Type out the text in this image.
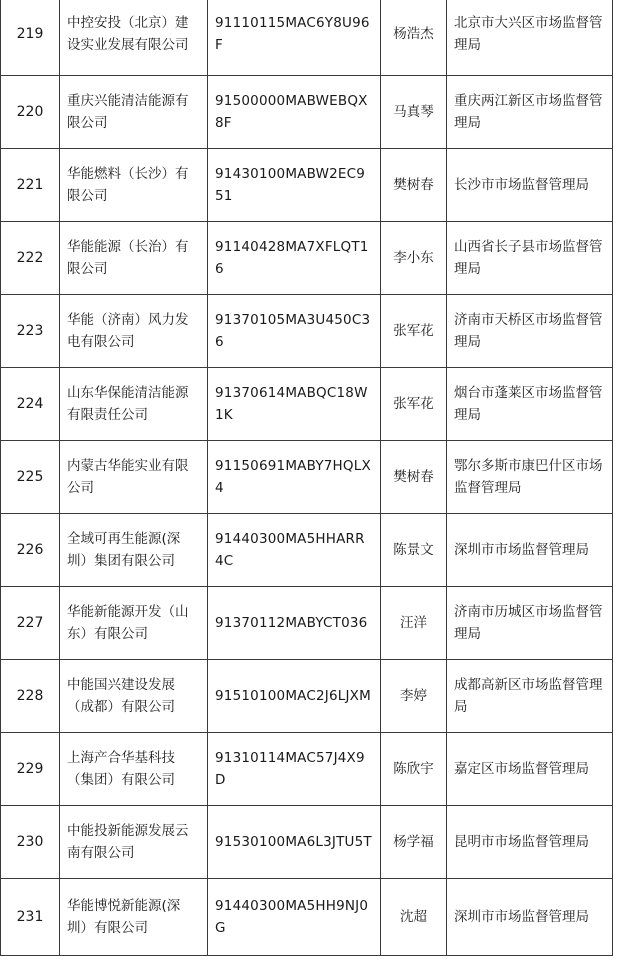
219	中控安投（北京）建设实业发展有限公司	91110115MAC6Y8U96F	杨浩杰	北京市大兴区市场监督管理局
220	重庆兴能清洁能源有限公司	91500000MABWEBQX8F	马真琴	重庆两江新区市场监督管理局
221	华能燃料（长沙）有限公司	91430100MABW2EC951	樊树春	长沙市市场监督管理局
222	华能能源（长治）有限公司	91140428MA7XFLQT16	李小东	山西省长子县市场监督管理局
223	华能（济南）风力发电有限公司	91370105MA3U450C36	张军花	济南市天桥区市场监督管理局
224	山东华保能清洁能源有限责任公司	91370614MABQC18W1K	张军花	烟台市蓬莱区市场监督管理局
225	内蒙古华能实业有限公司	91150691MABY7HQLX4	樊树春	鄂尔多斯市康巴什区市场监督管理局
226	全域可再生能源(深圳）集团有限公司	91440300MA5HHARR4C	陈景文	深圳市市场监督管理局
227	华能新能源开发（山东）有限公司	91370112MABYCT036	汪洋	济南市历城区市场监督管理局
228	中能国兴建设发展（成都）有限公司	91510100MAC2J6LJXM	李婷	成都高新区市场监督管理局
229	上海产合华基科技（集团）有限公司	91310114MAC57J4X9D	陈欣宇	嘉定区市场监督管理局
230	中能投新能源发展云南有限公司	91530100MA6L3JTU5T	杨学福	昆明市市场监督管理局
231	华能博悦新能源(深圳）有限公司	91440300MA5HH9NJ0G	沈超	深圳市市场监督管理局
